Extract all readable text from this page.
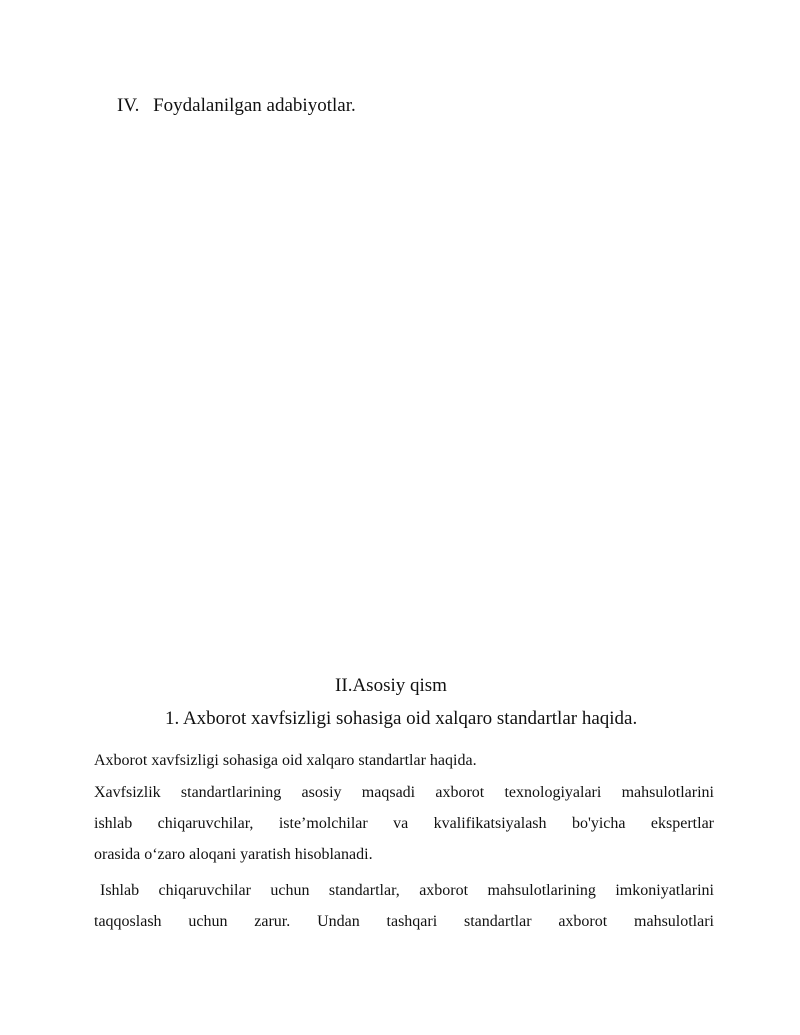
IV. Foydalanilgan adabiyotlar.
II.Asosiy qism
1. Axborot xavfsizligi sohasiga oid xalqaro standartlar haqida.
Axborot xavfsizligi sohasiga oid xalqaro standartlar haqida.
Xavfsizlik standartlarining asosiy maqsadi axborot texnologiyalari mahsulotlarini
ishlab chiqaruvchilar, iste’molchilar va kvalifikatsiyalash bo'yicha ekspertlar
orasida o‘zaro aloqani yaratish hisoblanadi.
Ishlab chiqaruvchilar uchun standartlar, axborot mahsulotlarining imkoniyatlarini
taqqoslash uchun zarur. Undan tashqari standartlar axborot mahsulotlari
